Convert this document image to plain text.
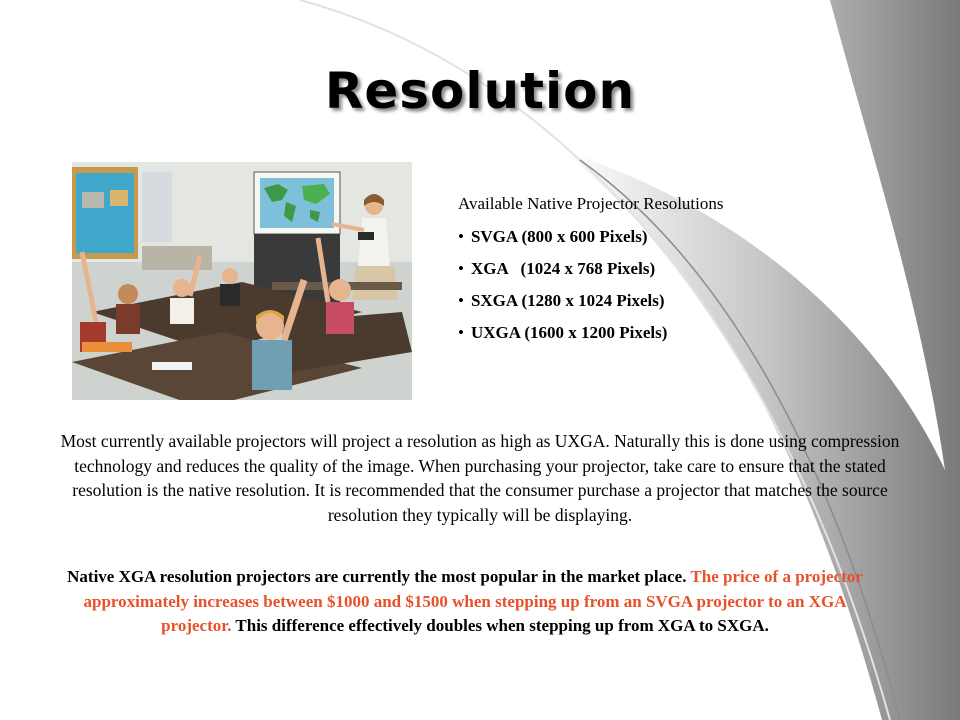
Resolution
Available Native Projector Resolutions
• SVGA (800 x 600 Pixels)
• XGA   (1024 x 768 Pixels)
• SXGA (1280 x 1024 Pixels)
• UXGA (1600 x 1200 Pixels)
Most currently available projectors will project a resolution as high as UXGA. Naturally this is done using compression technology and reduces the quality of the image. When purchasing your projector, take care to ensure that the stated resolution is the native resolution. It is recommended that the consumer purchase a projector that matches the source resolution they typically will be displaying.
Native XGA resolution projectors are currently the most popular in the market place. The price of a projector approximately increases between $1000 and $1500 when stepping up from an SVGA projector to an XGA projector. This difference effectively doubles when stepping up from XGA to SXGA.
